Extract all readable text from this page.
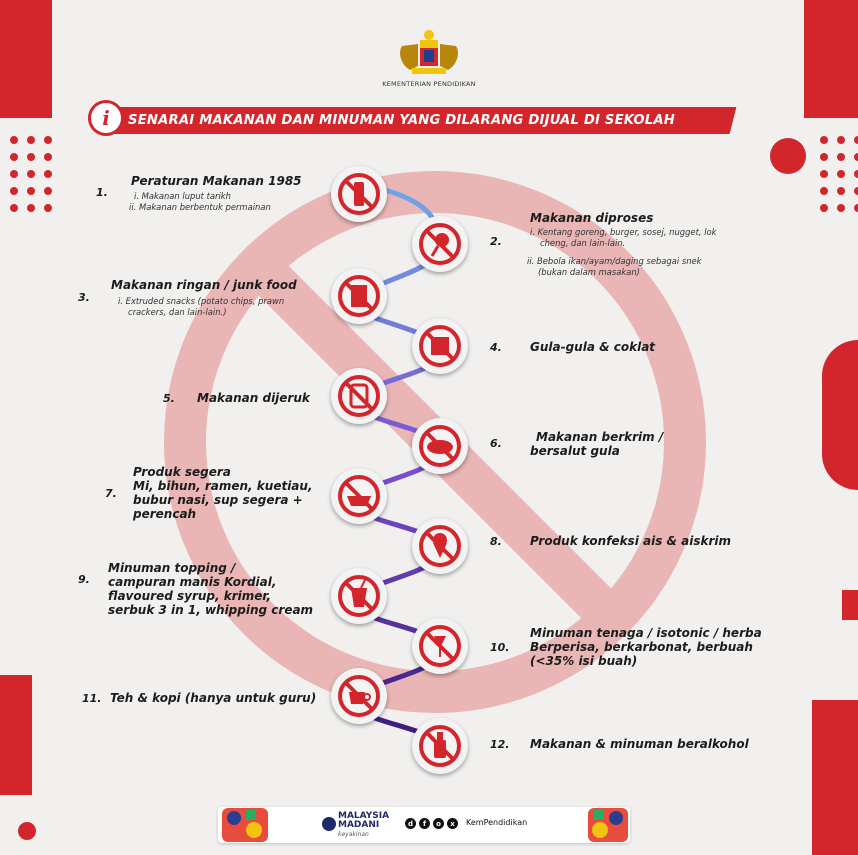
KEMENTERIAN PENDIDIKAN
SENARAI MAKANAN DAN MINUMAN YANG DILARANG DIJUAL DI SEKOLAH
i
1.
Peraturan Makanan 1985
i. Makanan luput tarikh
ii. Makanan berbentuk permainan
Makanan diproses
2.
i. Kentang goreng, burger, sosej, nugget, lok
cheng, dan lain-lain.
ii. Bebola ikan/ayam/daging sebagai snek
(bukan dalam masakan)
3.
Makanan ringan / junk food
i. Extruded snacks (potato chips, prawn
crackers, dan lain-lain.)
4. Gula-gula & coklat
5. Makanan dijeruk
6.	Makanan berkrim /
bersalut gula
7.
Produk segera
Mi, bihun, ramen, kuetiau,
bubur nasi, sup segera +
perencah
8. Produk konfeksi ais & aiskrim
9.
Minuman topping /
campuran manis Kordial,
flavoured syrup, krimer,
serbuk 3 in 1, whipping cream
10.
Minuman tenaga / isotonic / herba
Berperisa, berkarbonat, berbuah
(<35% isi buah)
11. Teh & kopi (hanya untuk guru)
12. Makanan & minuman beralkohol
MALAYSIA
MADANI
keyakinan
d	f	o	x	KemPendidikan
